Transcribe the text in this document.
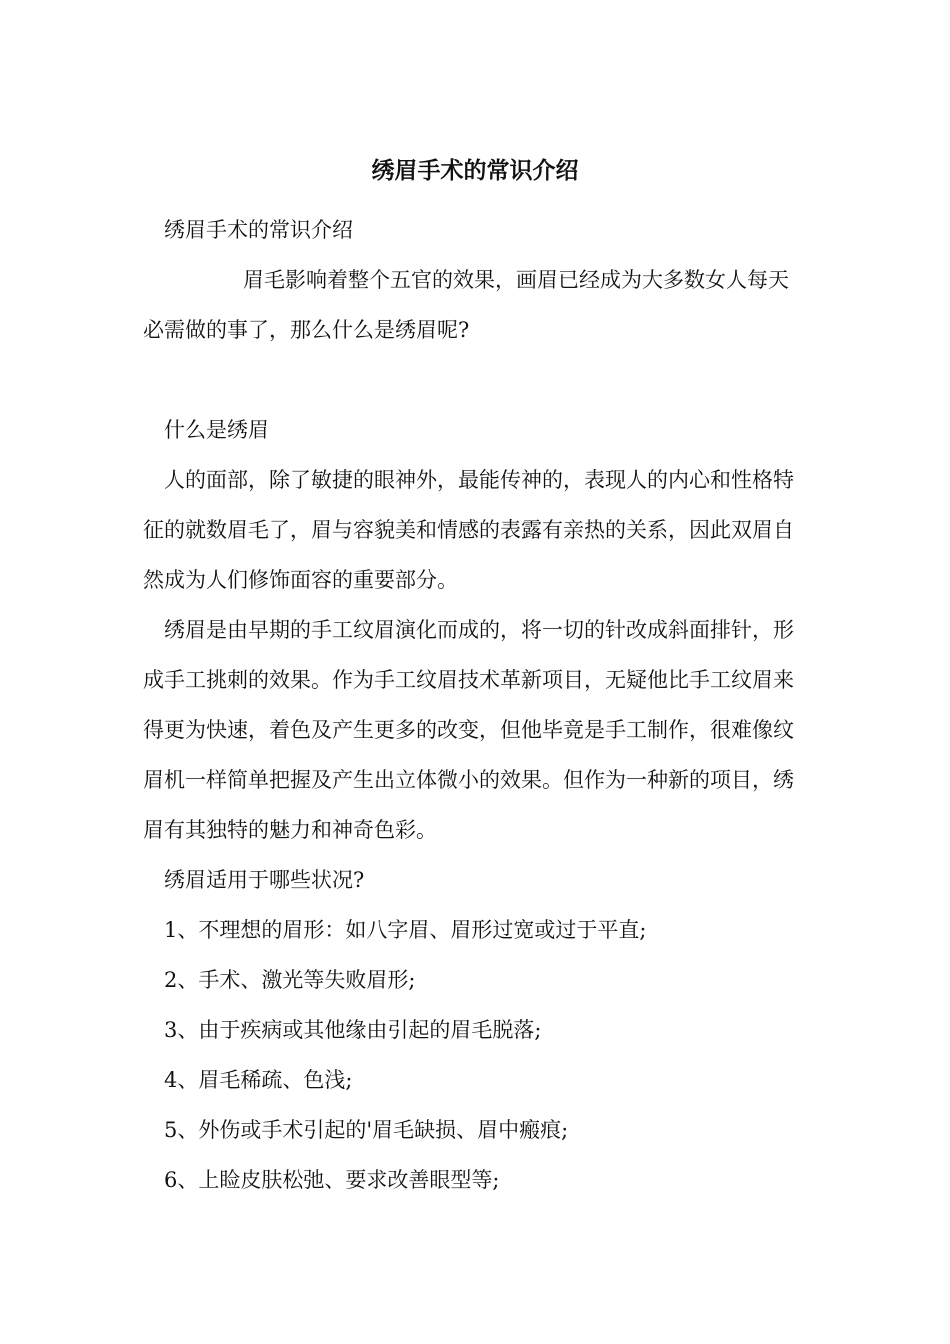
绣眉手术的常识介绍

绣眉手术的常识介绍

眉毛影响着整个五官的效果，画眉已经成为大多数女人每天必需做的事了，那么什么是绣眉呢?

什么是绣眉

人的面部，除了敏捷的眼神外，最能传神的，表现人的内心和性格特征的就数眉毛了，眉与容貌美和情感的表露有亲热的关系，因此双眉自然成为人们修饰面容的重要部分。

绣眉是由早期的手工纹眉演化而成的，将一切的针改成斜面排针，形成手工挑刺的效果。作为手工纹眉技术革新项目，无疑他比手工纹眉来得更为快速，着色及产生更多的改变，但他毕竟是手工制作，很难像纹眉机一样简单把握及产生出立体微小的效果。但作为一种新的项目，绣眉有其独特的魅力和神奇色彩。

绣眉适用于哪些状况?

1、不理想的眉形：如八字眉、眉形过宽或过于平直;

2、手术、激光等失败眉形;

3、由于疾病或其他缘由引起的眉毛脱落;

4、眉毛稀疏、色浅;

5、外伤或手术引起的'眉毛缺损、眉中瘢痕;

6、上睑皮肤松弛、要求改善眼型等;
